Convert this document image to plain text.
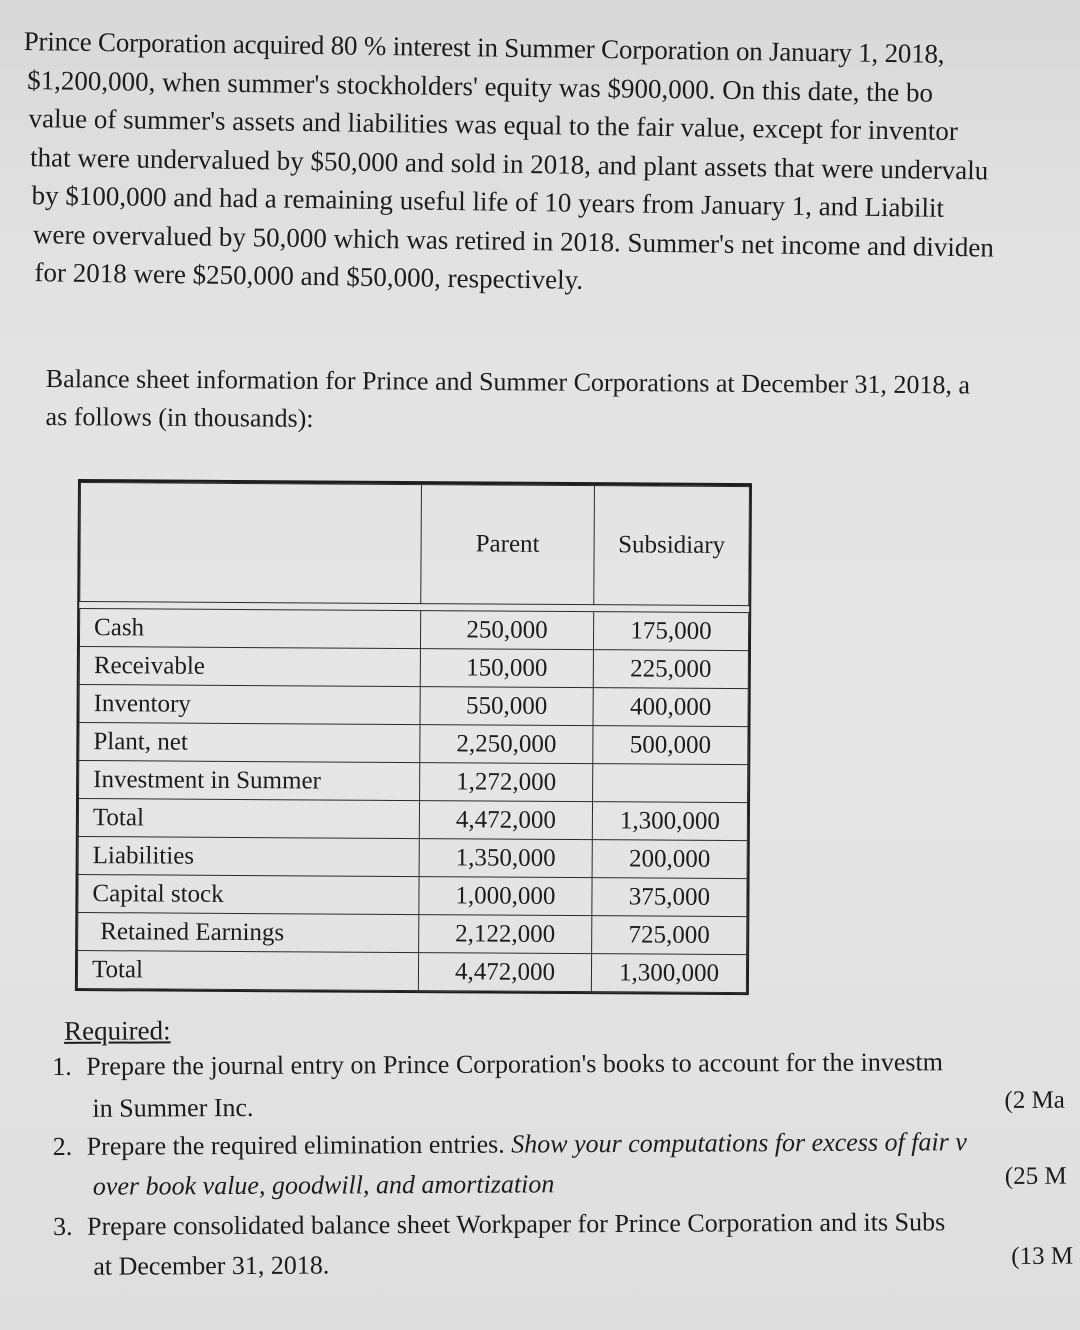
Prince Corporation acquired 80 % interest in Summer Corporation on January 1, 2018,
$1,200,000, when summer's stockholders' equity was $900,000. On this date, the bo
value of summer's assets and liabilities was equal to the fair value, except for inventor
that were undervalued by $50,000 and sold in 2018, and plant assets that were undervalu
by $100,000 and had a remaining useful life of 10 years from January 1, and Liabilit
were overvalued by 50,000 which was retired in 2018. Summer's net income and dividen
for 2018 were $250,000 and $50,000, respectively.
Balance sheet information for Prince and Summer Corporations at December 31, 2018, a
as follows (in thousands):
	Parent	Subsidiary

Cash	250,000	175,000
Receivable	150,000	225,000
Inventory	550,000	400,000
Plant, net	2,250,000	500,000
Investment in Summer	1,272,000	
Total	4,472,000	1,300,000
Liabilities	1,350,000	200,000
Capital stock	1,000,000	375,000
Retained Earnings	2,122,000	725,000
Total	4,472,000	1,300,000
Required:
1. Prepare the journal entry on Prince Corporation's books to account for the investm
in Summer Inc.	(2 Ma
2. Prepare the required elimination entries. Show your computations for excess of fair v
over book value, goodwill, and amortization	(25 M
3. Prepare consolidated balance sheet Workpaper for Prince Corporation and its Subs
at December 31, 2018.	(13 M
